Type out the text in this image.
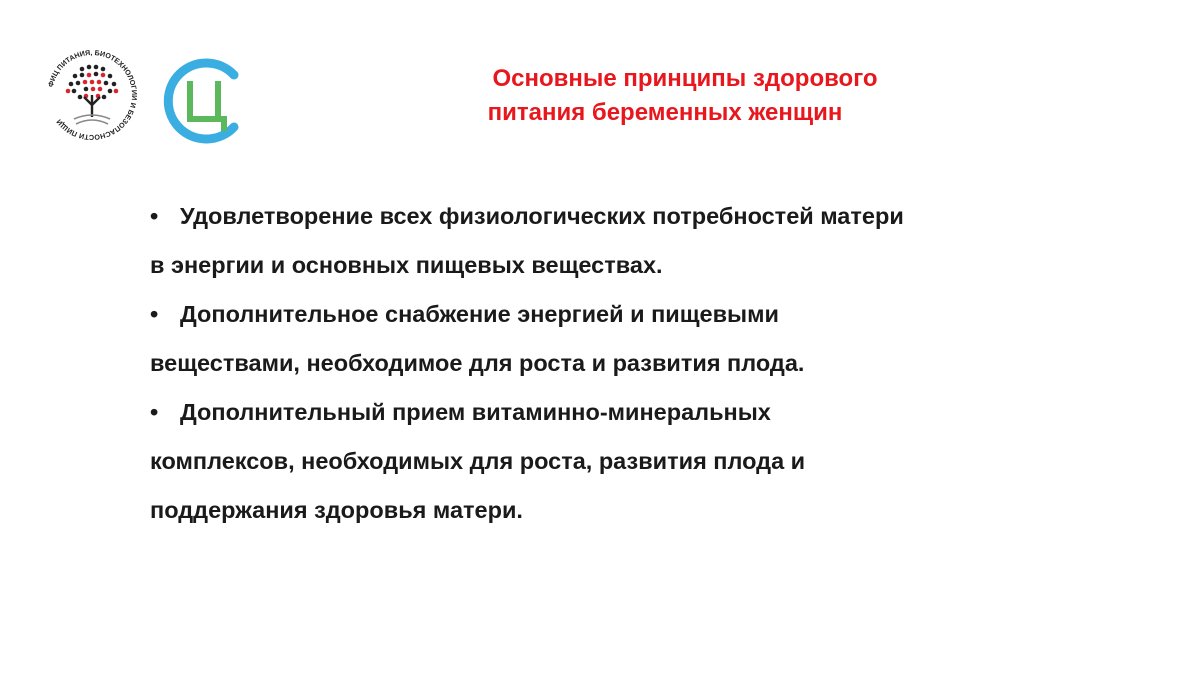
ФИЦ ПИТАНИЯ, БИОТЕХНОЛОГИИ И БЕЗОПАСНОСТИ ПИЩИ
Основные принципы здорового
питания беременных женщин
• Удовлетворение всех физиологических потребностей матери
в энергии и основных пищевых веществах.
• Дополнительное снабжение энергией и пищевыми
веществами, необходимое для роста и развития плода.
• Дополнительный прием витаминно-минеральных
комплексов, необходимых для роста, развития плода и
поддержания здоровья матери.
